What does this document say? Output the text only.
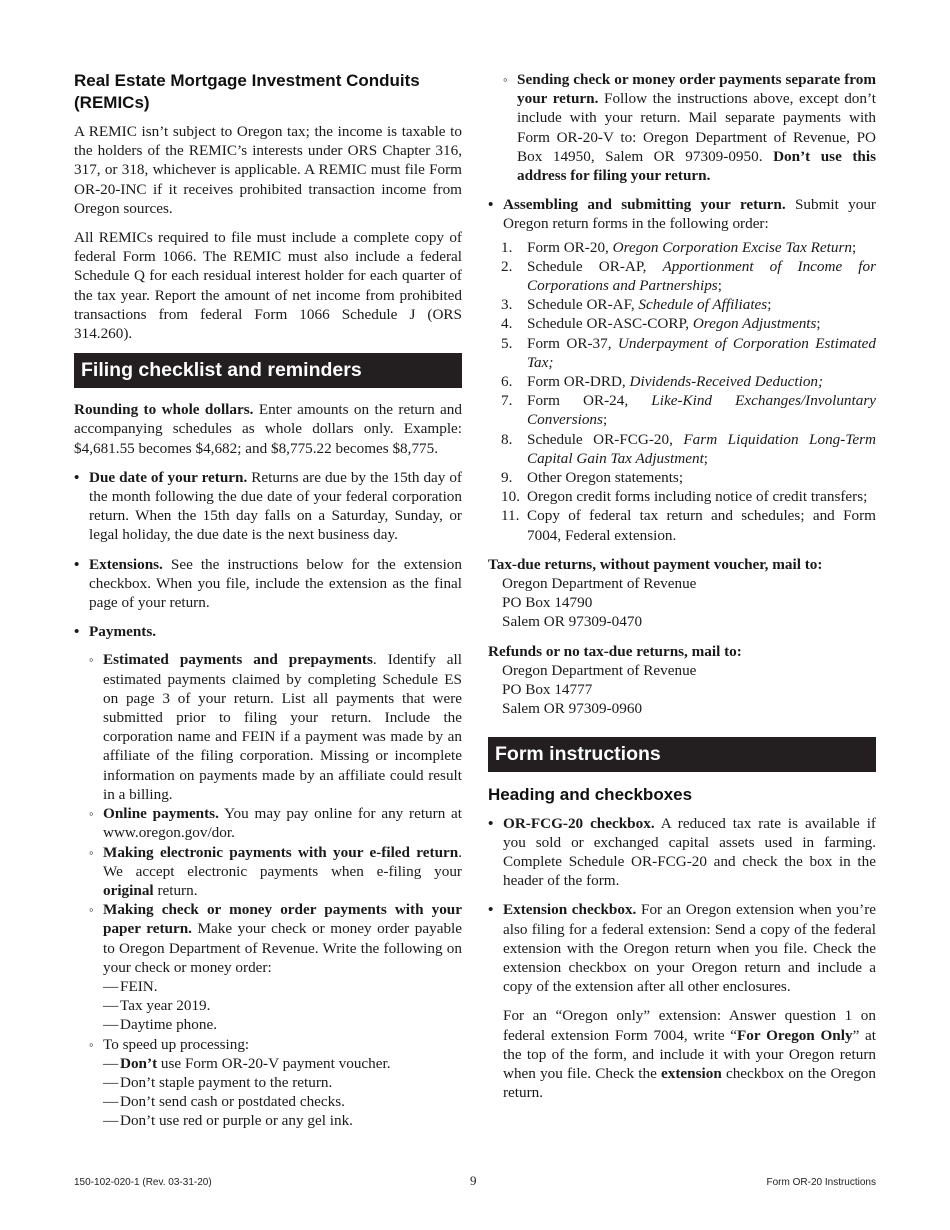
Real Estate Mortgage Investment Conduits (REMICs)

A REMIC isn’t subject to Oregon tax; the income is taxable to the holders of the REMIC’s interests under ORS Chapter 316, 317, or 318, whichever is applicable. A REMIC must file Form OR-20-INC if it receives prohibited transaction income from Oregon sources.

All REMICs required to file must include a complete copy of federal Form 1066. The REMIC must also include a federal Schedule Q for each residual interest holder for each quarter of the tax year. Report the amount of net income from prohibited transactions from federal Form 1066 Schedule J (ORS 314.260).

Filing checklist and reminders

Rounding to whole dollars. Enter amounts on the return and accompanying schedules as whole dollars only. Example: $4,681.55 becomes $4,682; and $8,775.22 becomes $8,775.

• Due date of your return. Returns are due by the 15th day of the month following the due date of your federal corporation return. When the 15th day falls on a Saturday, Sunday, or legal holiday, the due date is the next business day.
• Extensions. See the instructions below for the extension checkbox. When you file, include the extension as the final page of your return.
• Payments.
◦ Estimated payments and prepayments. Identify all estimated payments claimed by completing Schedule ES on page 3 of your return. List all payments that were submitted prior to filing your return. Include the corporation name and FEIN if a payment was made by an affiliate of the filing corporation. Missing or incomplete information on payments made by an affiliate could result in a billing.
◦ Online payments. You may pay online for any return at www.oregon.gov/dor.
◦ Making electronic payments with your e-filed return. We accept electronic payments when e-filing your original return.
◦ Making check or money order payments with your paper return. Make your check or money order payable to Oregon Department of Revenue. Write the following on your check or money order:
— FEIN.
— Tax year 2019.
— Daytime phone.
◦ To speed up processing:
— Don’t use Form OR-20-V payment voucher.
— Don’t staple payment to the return.
— Don’t send cash or postdated checks.
— Don’t use red or purple or any gel ink.
◦ Sending check or money order payments separate from your return. Follow the instructions above, except don’t include with your return. Mail separate payments with Form OR-20-V to: Oregon Department of Revenue, PO Box 14950, Salem OR 97309-0950. Don’t use this address for filing your return.
• Assembling and submitting your return. Submit your Oregon return forms in the following order:
1. Form OR-20, Oregon Corporation Excise Tax Return;
2. Schedule OR-AP, Apportionment of Income for Corporations and Partnerships;
3. Schedule OR-AF, Schedule of Affiliates;
4. Schedule OR-ASC-CORP, Oregon Adjustments;
5. Form OR-37, Underpayment of Corporation Estimated Tax;
6. Form OR-DRD, Dividends-Received Deduction;
7. Form OR-24, Like-Kind Exchanges/Involuntary Conversions;
8. Schedule OR-FCG-20, Farm Liquidation Long-Term Capital Gain Tax Adjustment;
9. Other Oregon statements;
10. Oregon credit forms including notice of credit transfers;
11. Copy of federal tax return and schedules; and Form 7004, Federal extension.
Tax-due returns, without payment voucher, mail to:
Oregon Department of Revenue
PO Box 14790
Salem OR 97309-0470
Refunds or no tax-due returns, mail to:
Oregon Department of Revenue
PO Box 14777
Salem OR 97309-0960
Form instructions
Heading and checkboxes
• OR-FCG-20 checkbox. A reduced tax rate is available if you sold or exchanged capital assets used in farming. Complete Schedule OR-FCG-20 and check the box in the header of the form.
• Extension checkbox. For an Oregon extension when you’re also filing for a federal extension: Send a copy of the federal extension with the Oregon return when you file. Check the extension checkbox on your Oregon return and include a copy of the extension after all other enclosures.

For an “Oregon only” extension: Answer question 1 on federal extension Form 7004, write “For Oregon Only” at the top of the form, and include it with your Oregon return when you file. Check the extension checkbox on the Oregon return.

150-102-020-1 (Rev. 03-31-20)	9	Form OR-20 Instructions
